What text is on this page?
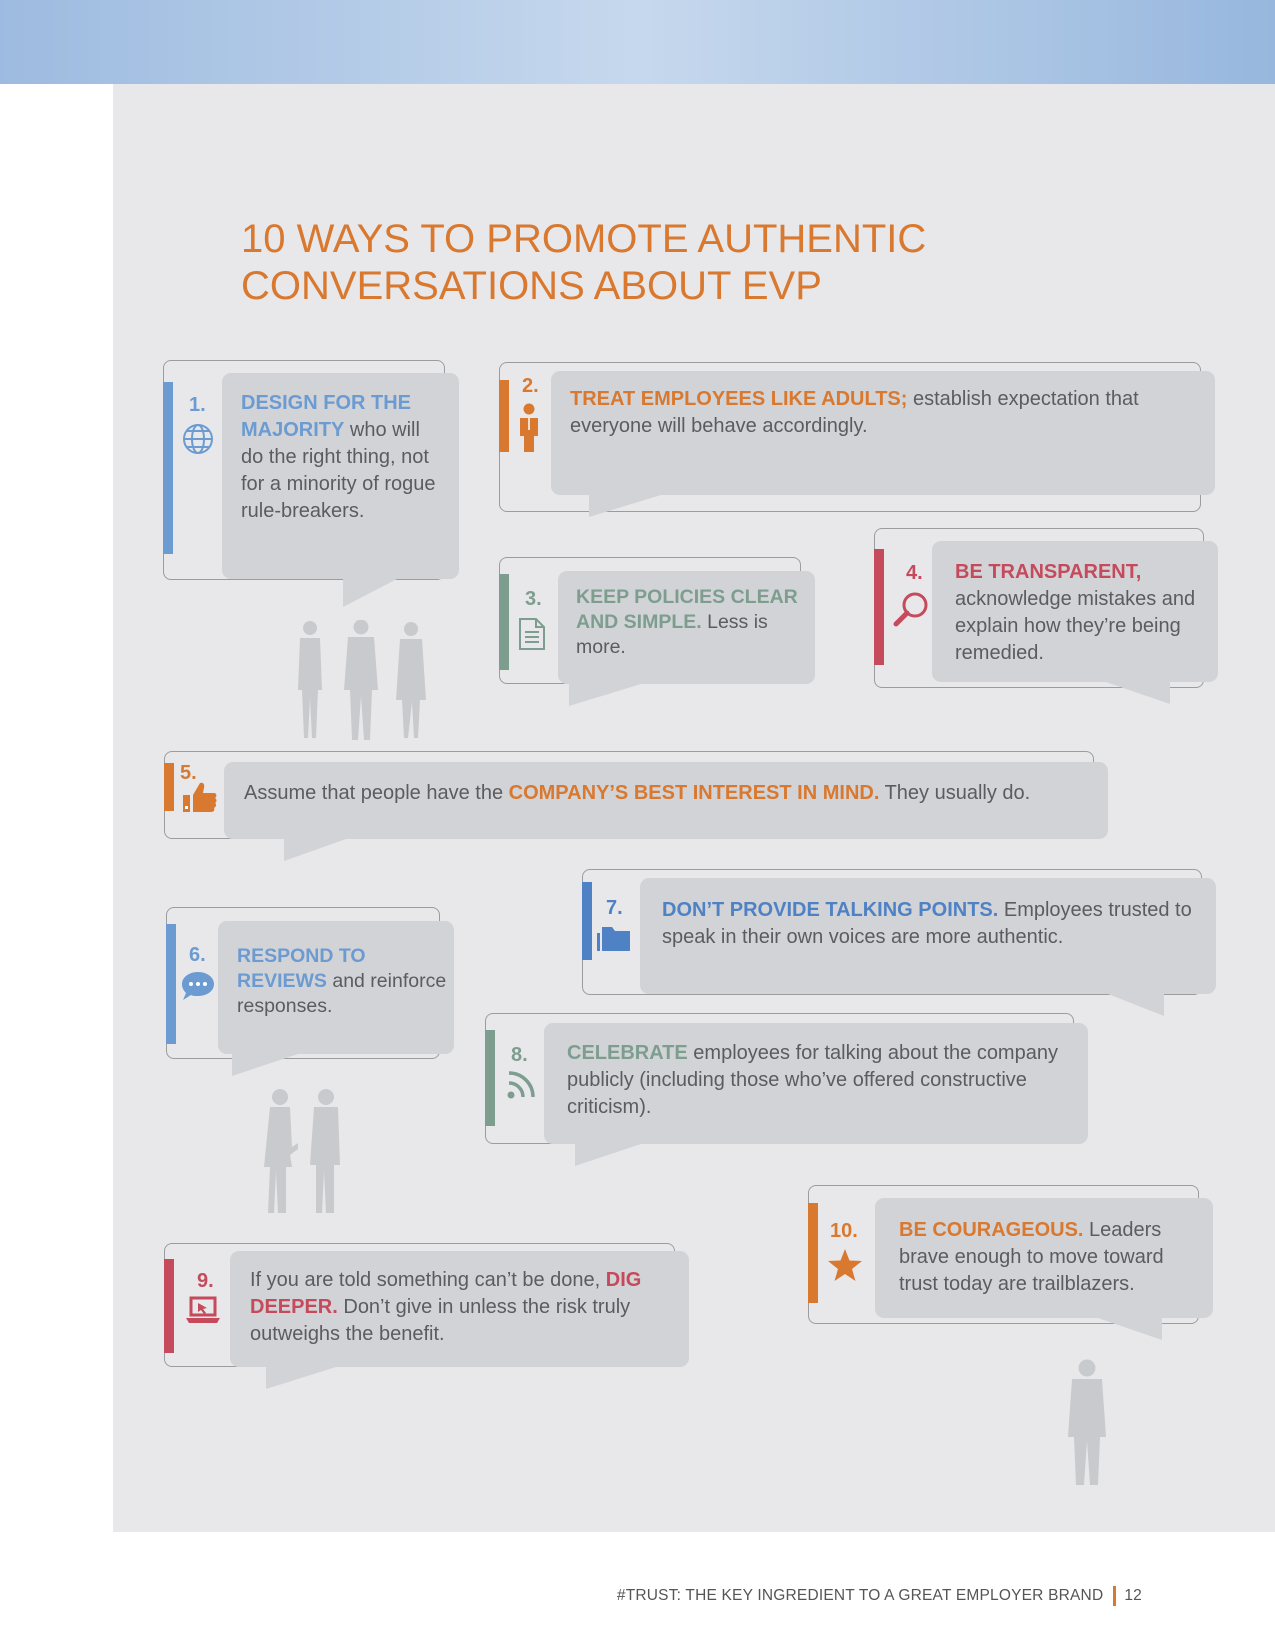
10 WAYS TO PROMOTE AUTHENTIC
CONVERSATIONS ABOUT EVP
1. DESIGN FOR THE MAJORITY who will do the right thing, not for a minority of rogue rule-breakers.
2.
TREAT EMPLOYEES LIKE ADULTS; establish expectation that everyone will behave accordingly.
3. KEEP POLICIES CLEAR AND SIMPLE. Less is more.
4. BE TRANSPARENT, acknowledge mistakes and explain how they’re being remedied.
5.
Assume that people have the COMPANY’S BEST INTEREST IN MIND. They usually do.
6. RESPOND TO REVIEWS and reinforce responses.
7. DON’T PROVIDE TALKING POINTS. Employees trusted to speak in their own voices are more authentic.
8. CELEBRATE employees for talking about the company publicly (including those who’ve offered constructive criticism).
9. If you are told something can’t be done, DIG DEEPER. Don’t give in unless the risk truly outweighs the benefit.
10. BE COURAGEOUS. Leaders brave enough to move toward trust today are trailblazers.
#TRUST: THE KEY INGREDIENT TO A GREAT EMPLOYER BRAND 12
